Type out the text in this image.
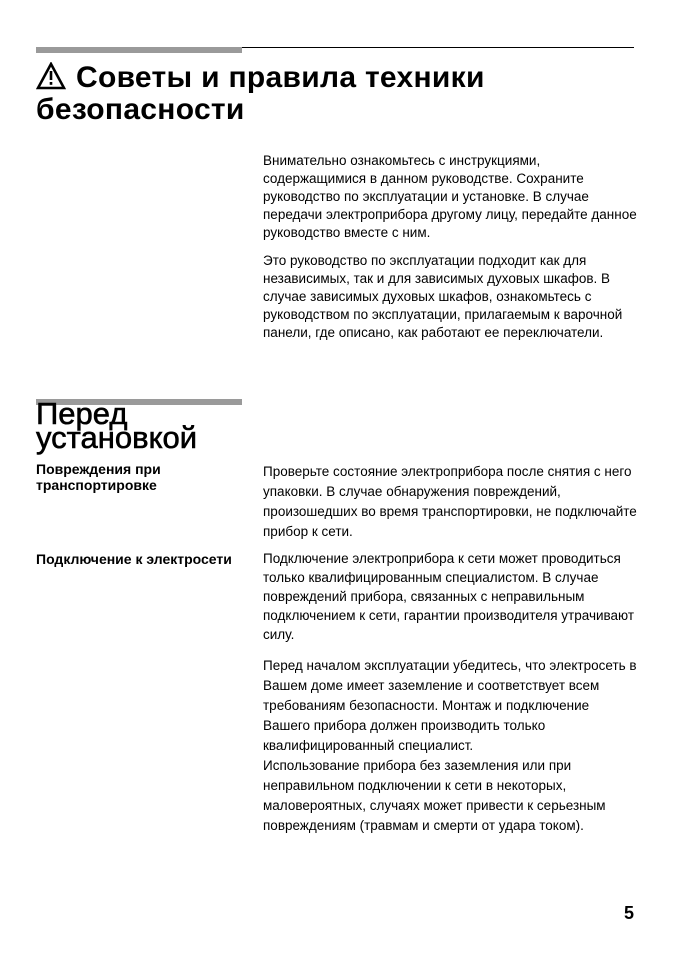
Советы и правила техники безопасности

Внимательно ознакомьтесь с инструкциями, содержащимися в данном руководстве. Сохраните руководство по эксплуатации и установке. В случае передачи электроприбора другому лицу, передайте данное руководство вместе с ним.

Это руководство по эксплуатации подходит как для независимых, так и для зависимых духовых шкафов. В случае зависимых духовых шкафов, ознакомьтесь с руководством по эксплуатации, прилагаемым к варочной панели, где описано, как работают ее переключатели.

Перед установкой
Повреждения при транспортировке

Проверьте состояние электроприбора после снятия с него упаковки. В случае обнаружения повреждений, произошедших во время транспортировки, не подключайте прибор к сети.

Подключение к электросети	Подключение электроприбора к сети может проводиться только квалифицированным специалистом. В случае повреждений прибора, связанных с неправильным подключением к сети, гарантии производителя утрачивают силу.

Перед началом эксплуатации убедитесь, что электросеть в Вашем доме имеет заземление и соответствует всем требованиям безопасности. Монтаж и подключение Вашего прибора должен производить только квалифицированный специалист.

Использование прибора без заземления или при неправильном подключении к сети в некоторых, маловероятных, случаях может привести к серьезным повреждениям (травмам и смерти от удара током).

5
